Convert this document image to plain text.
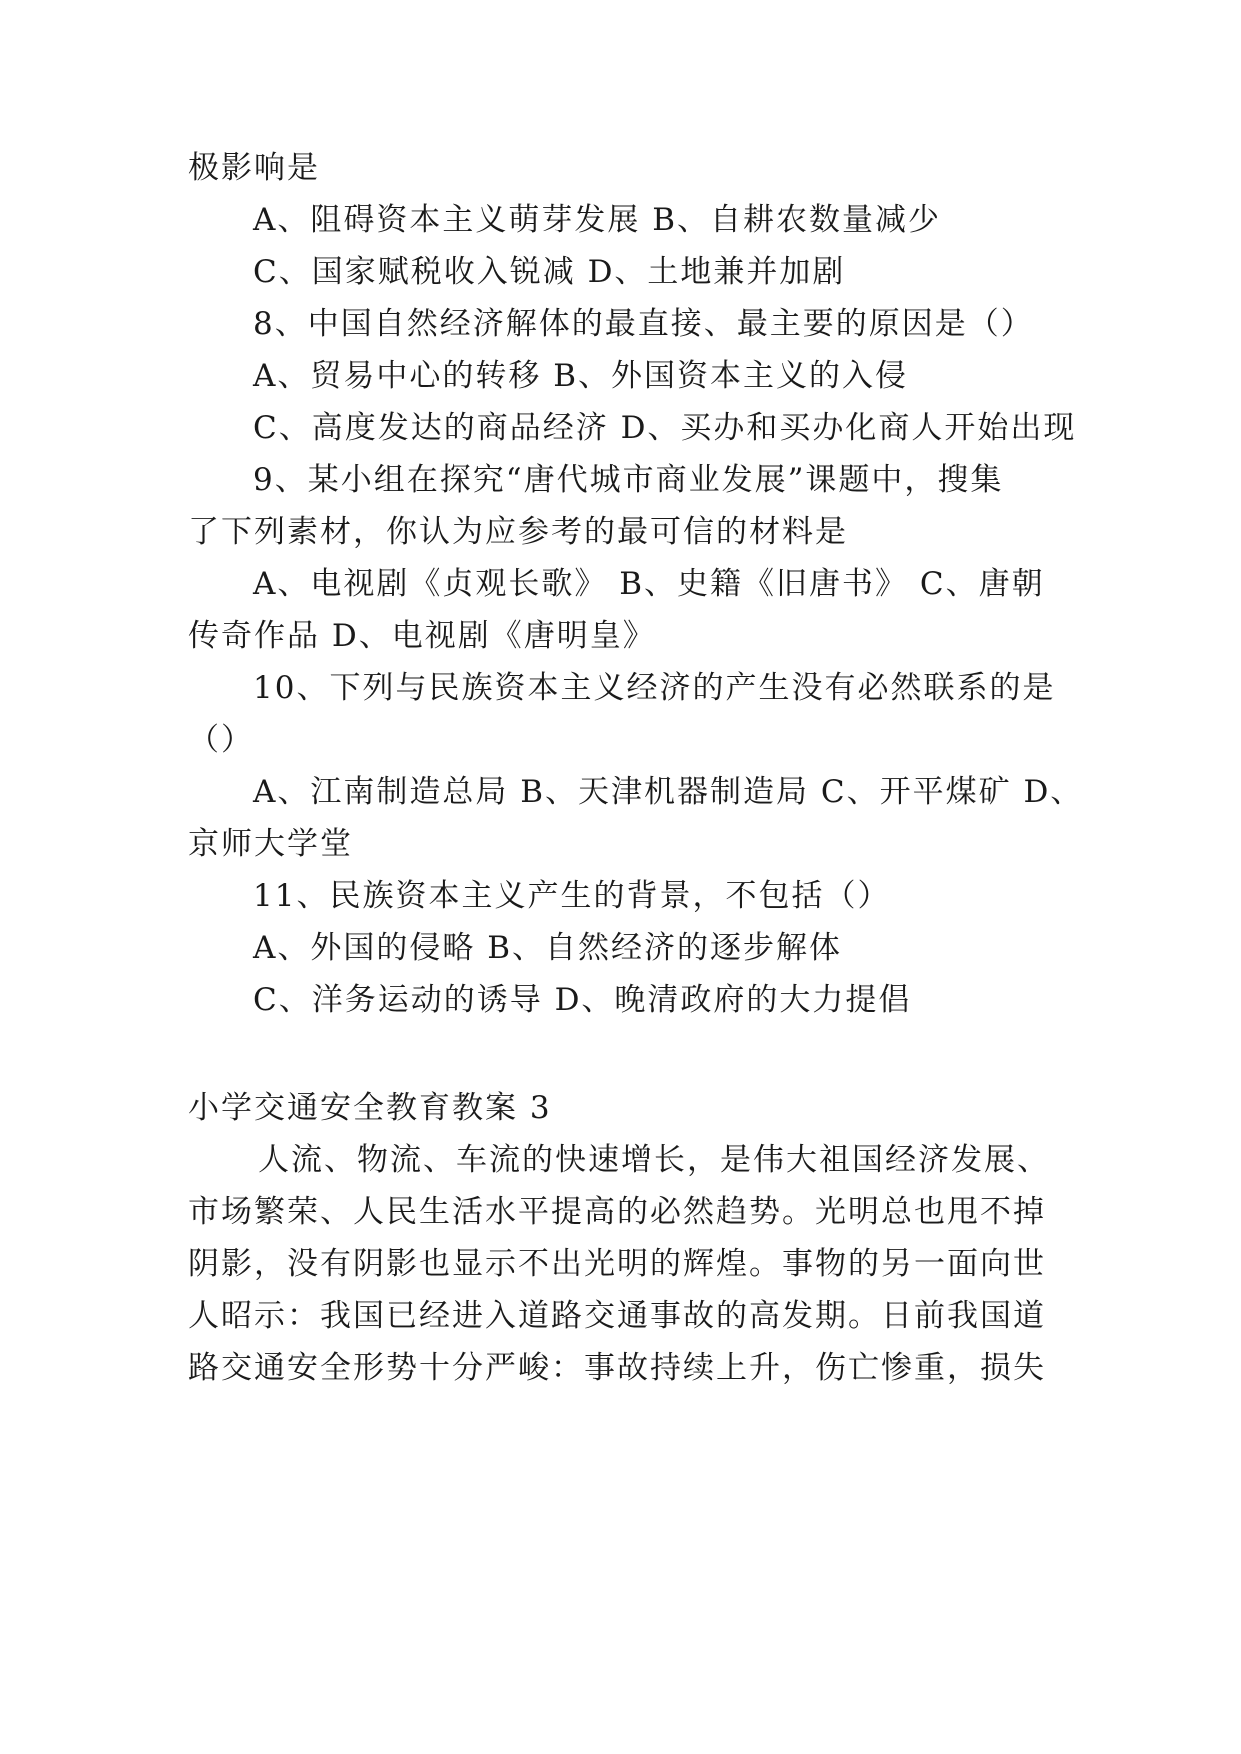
极影响是
A、阻碍资本主义萌芽发展 B、自耕农数量减少
C、国家赋税收入锐减 D、土地兼并加剧
8、中国自然经济解体的最直接、最主要的原因是（）
A、贸易中心的转移 B、外国资本主义的入侵
C、高度发达的商品经济 D、买办和买办化商人开始出现
9、某小组在探究“唐代城市商业发展”课题中，搜集
了下列素材，你认为应参考的最可信的材料是
A、电视剧《贞观长歌》 B、史籍《旧唐书》 C、唐朝
传奇作品 D、电视剧《唐明皇》
10、下列与民族资本主义经济的产生没有必然联系的是
（）
A、江南制造总局 B、天津机器制造局 C、开平煤矿 D、
京师大学堂
11、民族资本主义产生的背景，不包括（）
A、外国的侵略 B、自然经济的逐步解体
C、洋务运动的诱导 D、晚清政府的大力提倡
小学交通安全教育教案 3
人流、物流、车流的快速增长，是伟大祖国经济发展、
市场繁荣、人民生活水平提高的必然趋势。光明总也甩不掉
阴影，没有阴影也显示不出光明的辉煌。事物的另一面向世
人昭示：我国已经进入道路交通事故的高发期。日前我国道
路交通安全形势十分严峻：事故持续上升，伤亡惨重，损失
